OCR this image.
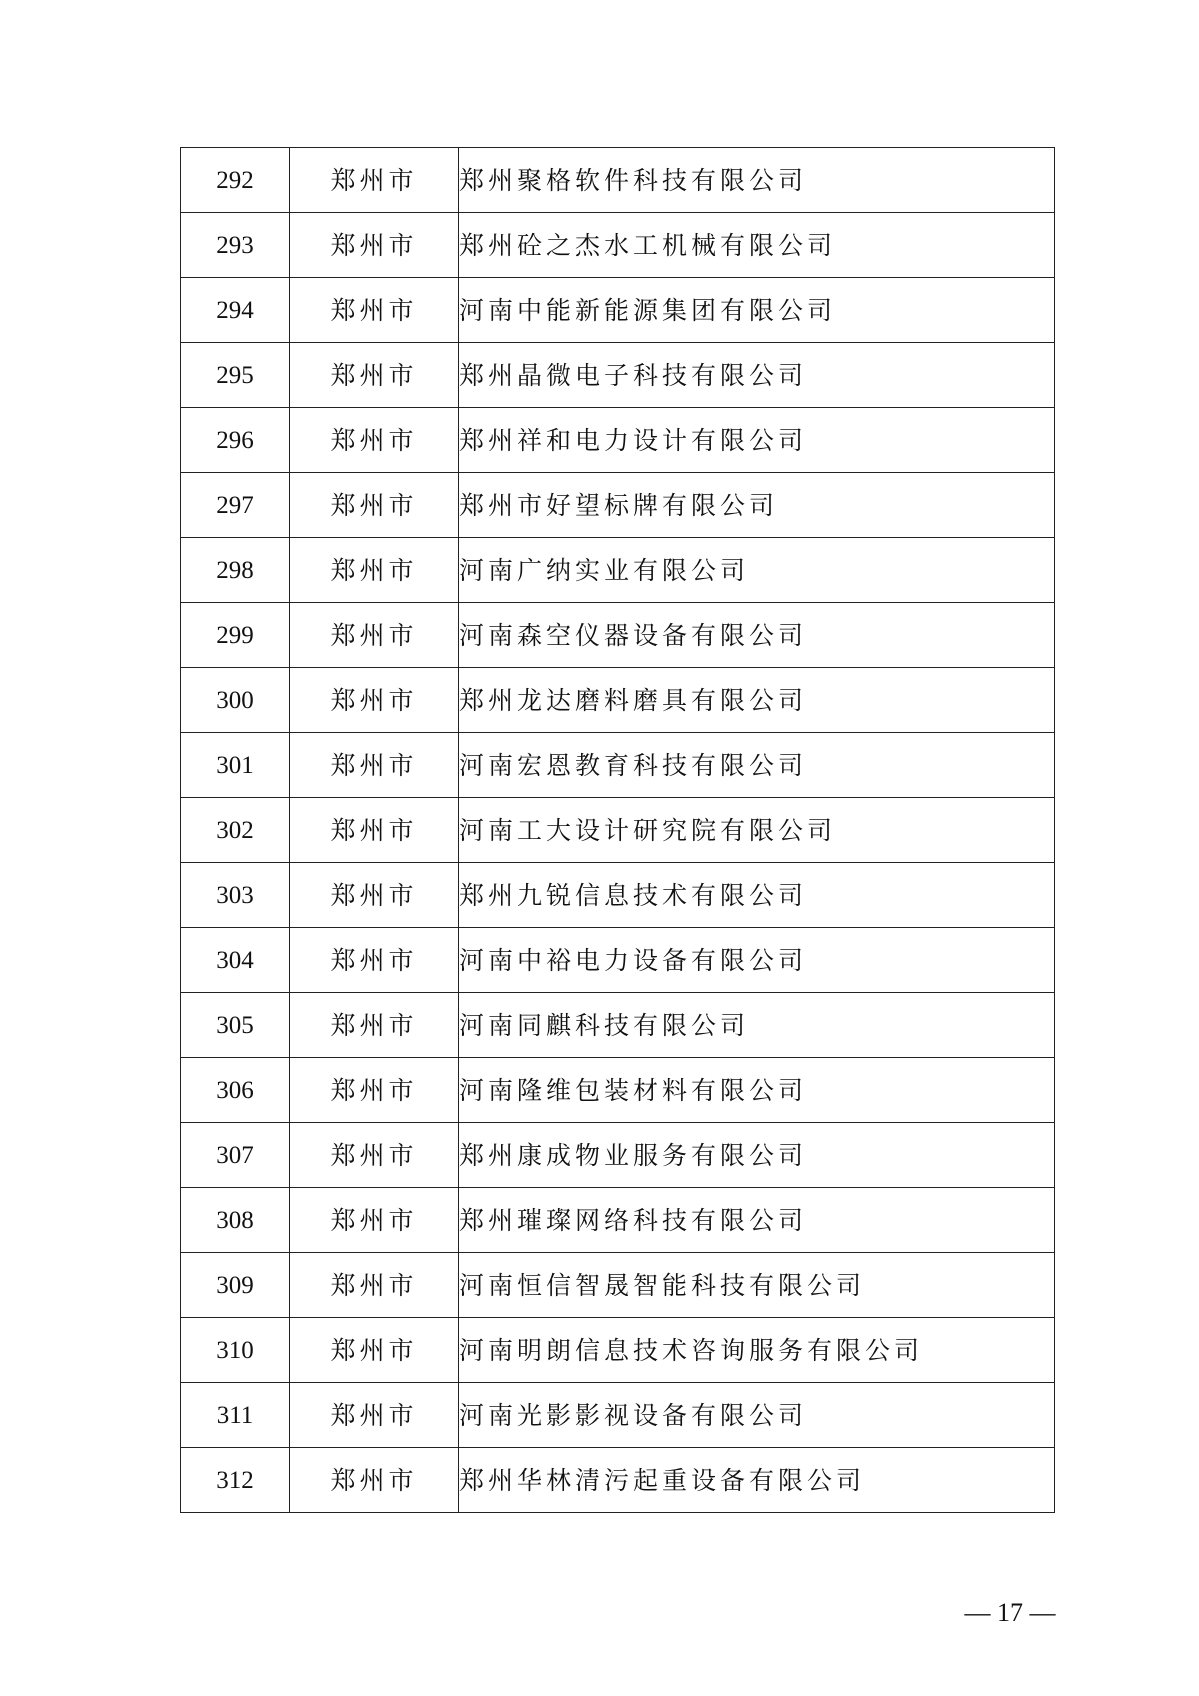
292	郑州市	郑州聚格软件科技有限公司
293	郑州市	郑州砼之杰水工机械有限公司
294	郑州市	河南中能新能源集团有限公司
295	郑州市	郑州晶微电子科技有限公司
296	郑州市	郑州祥和电力设计有限公司
297	郑州市	郑州市好望标牌有限公司
298	郑州市	河南广纳实业有限公司
299	郑州市	河南森空仪器设备有限公司
300	郑州市	郑州龙达磨料磨具有限公司
301	郑州市	河南宏恩教育科技有限公司
302	郑州市	河南工大设计研究院有限公司
303	郑州市	郑州九锐信息技术有限公司
304	郑州市	河南中裕电力设备有限公司
305	郑州市	河南同麒科技有限公司
306	郑州市	河南隆维包装材料有限公司
307	郑州市	郑州康成物业服务有限公司
308	郑州市	郑州璀璨网络科技有限公司
309	郑州市	河南恒信智晟智能科技有限公司
310	郑州市	河南明朗信息技术咨询服务有限公司
311	郑州市	河南光影影视设备有限公司
312	郑州市	郑州华林清污起重设备有限公司
— 17 —
